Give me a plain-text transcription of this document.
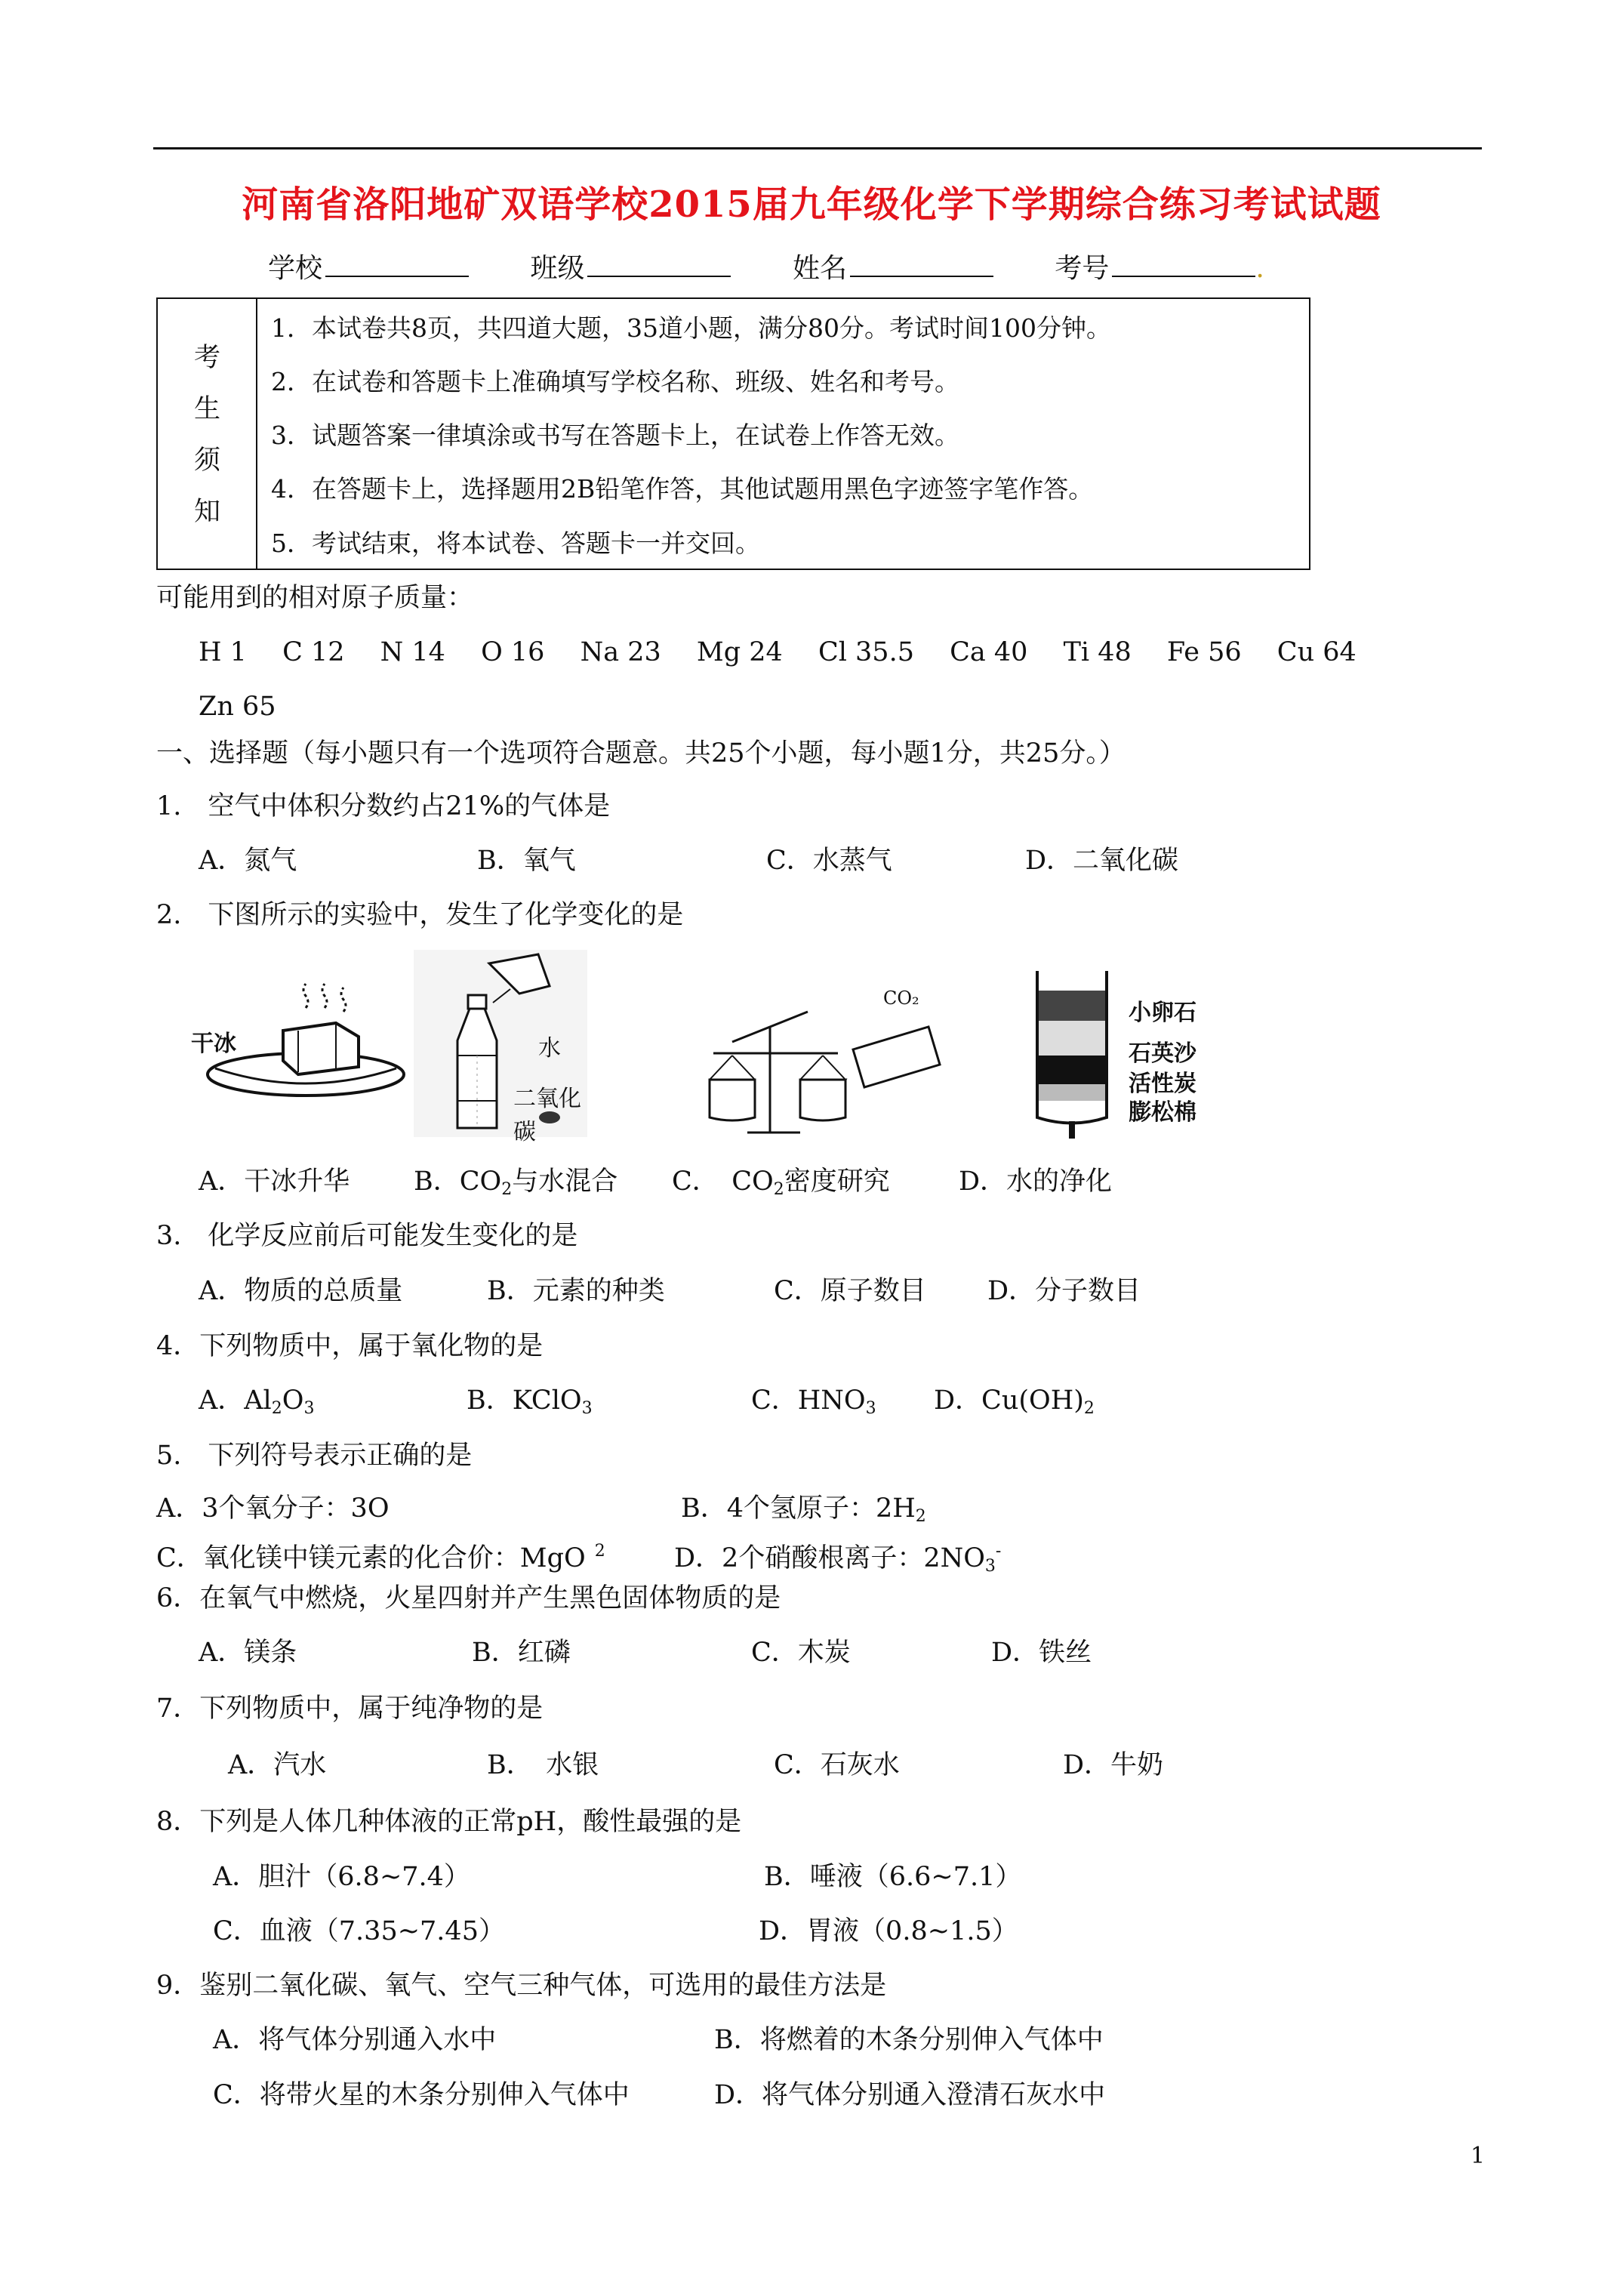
河南省洛阳地矿双语学校2015届九年级化学下学期综合练习考试试题
学校	班级	姓名	考号	.
考
生
须
知
1．本试卷共8页，共四道大题，35道小题，满分80分。考试时间100分钟。
2．在试卷和答题卡上准确填写学校名称、班级、姓名和考号。
3．试题答案一律填涂或书写在答题卡上，在试卷上作答无效。
4．在答题卡上，选择题用2B铅笔作答，其他试题用黑色字迹签字笔作答。
5．考试结束，将本试卷、答题卡一并交回。
可能用到的相对原子质量：
H 1 C 12 N 14 O 16 Na 23 Mg 24 Cl 35.5 Ca 40 Ti 48 Fe 56 Cu 64
Zn 65
一、选择题（每小题只有一个选项符合题意。共25个小题，每小题1分，共25分。）
1.　空气中体积分数约占21%的气体是
A．氮气	B．氧气	C．水蒸气	D．二氧化碳
2.　下图所示的实验中，发生了化学变化的是
干冰	水
二氧化碳
CO₂
小卵石
石英沙
活性炭
膨松棉
A．干冰升华 B．$CO_2$与水混合 C．　$CO_2$密度研究	D．水的净化
3.　化学反应前后可能发生变化的是
A．物质的总质量	B．元素的种类	C．原子数目 D．分子数目
4．下列物质中，属于氧化物的是
A．$Al_2O_3$	B．KClO$_3$	C．$HNO_3$ D．$Cu(OH)_2$
5.　下列符号表示正确的是
A．3个氧分子：3O	B．4个氢原子：$2H_2$
C．氧化镁中镁元素的化合价：MgO $^2$	D．2个硝酸根离子：$2NO_3^-$
6．在氧气中燃烧，火星四射并产生黑色固体物质的是
A．镁条	B．红磷	C．木炭	D．铁丝
7．下列物质中，属于纯净物的是
A．汽水	B．　水银	C．石灰水	D．牛奶
8．下列是人体几种体液的正常pH，酸性最强的是
A．胆汁（6.8~7.4）	B．唾液（6.6~7.1）
C．血液（7.35~7.45）	D．胃液（0.8~1.5）
9．鉴别二氧化碳、氧气、空气三种气体，可选用的最佳方法是
A．将气体分别通入水中	B．将燃着的木条分别伸入气体中
C．将带火星的木条分别伸入气体中	D．将气体分别通入澄清石灰水中
1
